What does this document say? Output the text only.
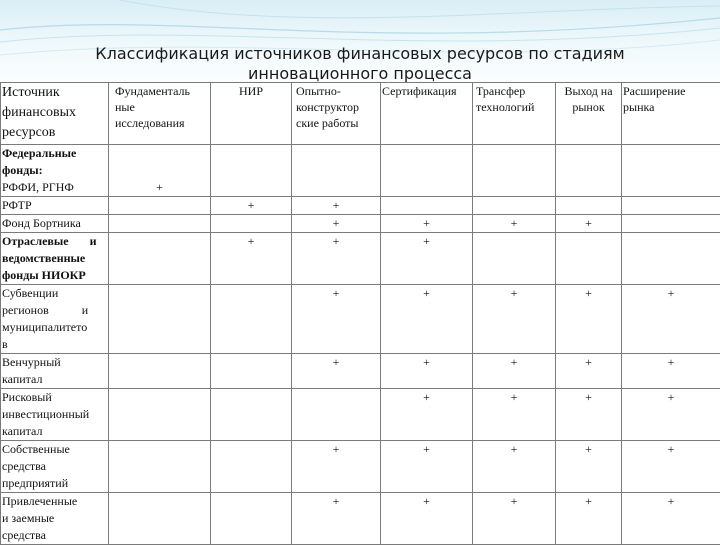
Классификация источников финансовых ресурсов по стадиям
инновационного процесса
Источник
финансовых
ресурсов	Фундаменталь
ные
исследования	НИР	Опытно-
конструктор
ские работы	Сертификация	Трансфер
технологий	Выход на
рынок	Расширение
рынка

Федеральные
фонды:
РФФИ, РГНФ	+						
РФТР		+	+				
Фонд Бортника			+	+	+	+	

Отраслевые и
ведомственные
фонды НИОКР		+	+	+			

Субвенции
регионов и
муниципалитето
в			+	+	+	+	+

Венчурный
капитал			+	+	+	+	+

Рисковый
инвестиционный
капитал				+	+	+	+

Собственные
средства
предприятий			+	+	+	+	+

Привлеченные
и заемные
средства			+	+	+	+	+
